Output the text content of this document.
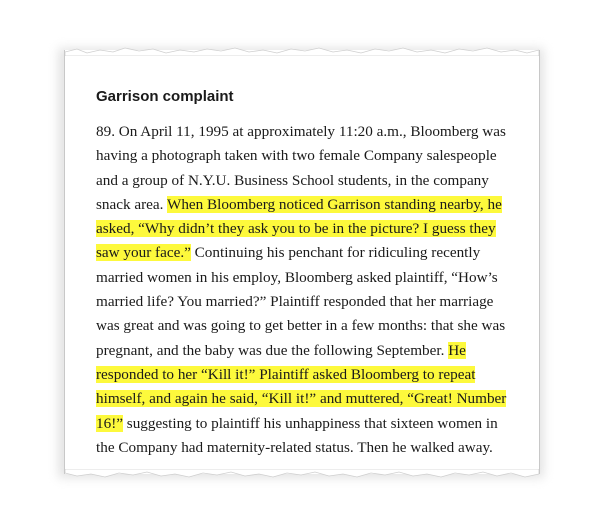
Garrison complaint

89. On April 11, 1995 at approximately 11:20 a.m., Bloomberg was
having a photograph taken with two female Company salespeople
and a group of N.Y.U. Business School students, in the company
snack area. When Bloomberg noticed Garrison standing nearby, he
asked, “Why didn’t they ask you to be in the picture? I guess they
saw your face.” Continuing his penchant for ridiculing recently
married women in his employ, Bloomberg asked plaintiff, “How’s
married life? You married?” Plaintiff responded that her marriage
was great and was going to get better in a few months: that she was
pregnant, and the baby was due the following September. He
responded to her “Kill it!” Plaintiff asked Bloomberg to repeat
himself, and again he said, “Kill it!” and muttered, “Great! Number
16!” suggesting to plaintiff his unhappiness that sixteen women in
the Company had maternity-related status. Then he walked away.
